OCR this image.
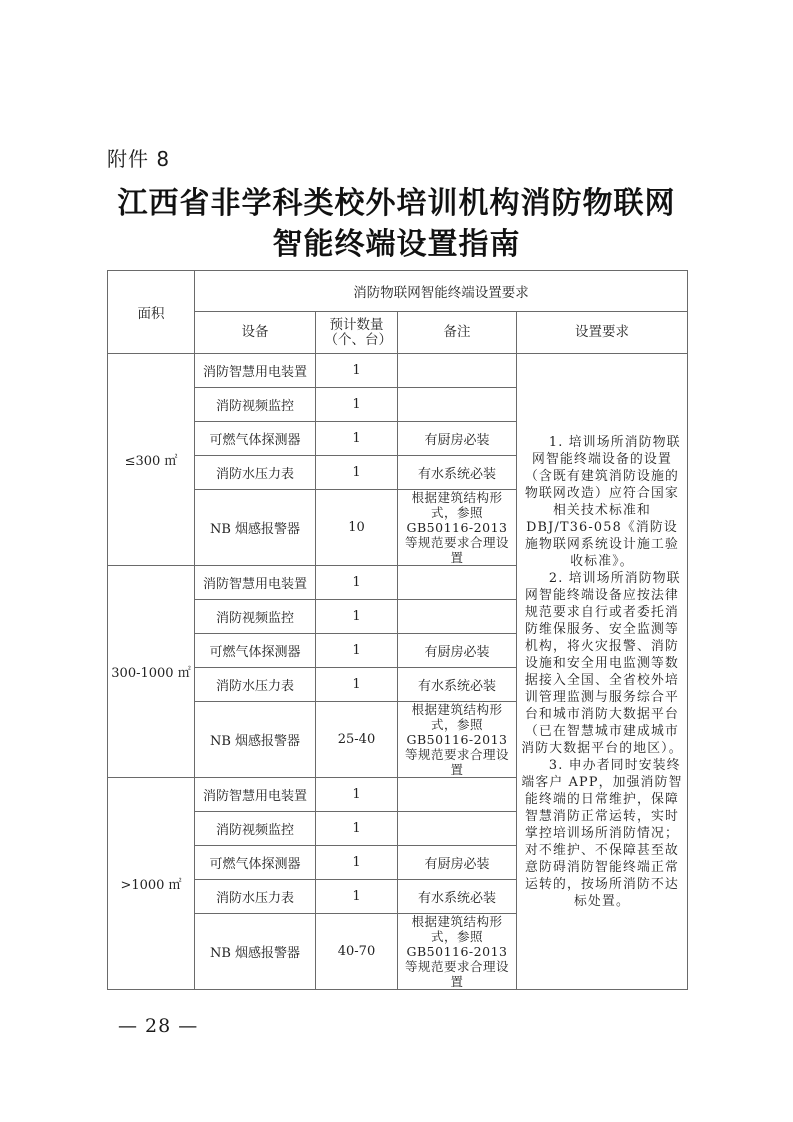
附件 8
江西省非学科类校外培训机构消防物联网
智能终端设置指南
面积	消防物联网智能终端设置要求			
	设备	预计数量（个、台）	备注	设置要求
≤300 ㎡	消防智慧用电装置	1		1. 培训场所消防物联网智能终端设备的设置（含既有建筑消防设施的物联网改造）应符合国家相关技术标准和 DBJ/T36-058《消防设施物联网系统设计施工验收标准》。

2. 培训场所消防物联网智能终端设备应按法律规范要求自行或者委托消防维保服务、安全监测等机构，将火灾报警、消防设施和安全用电监测等数据接入全国、全省校外培训管理监测与服务综合平台和城市消防大数据平台（已在智慧城市建成城市消防大数据平台的地区）。

3. 申办者同时安装终端客户 APP，加强消防智能终端的日常维护，保障智慧消防正常运转，实时掌控培训场所消防情况；对不维护、不保障甚至故意防碍消防智能终端正常运转的，按场所消防不达标处置。

	消防视频监控	1		
	可燃气体探测器	1	有厨房必装	
	消防水压力表	1	有水系统必装	
	NB 烟感报警器	10	根据建筑结构形式，参照 GB50116-2013 等规范要求合理设置	
300-1000 ㎡	消防智慧用电装置	1		
	消防视频监控	1		
	可燃气体探测器	1	有厨房必装	
	消防水压力表	1	有水系统必装	
	NB 烟感报警器	25-40	根据建筑结构形式，参照 GB50116-2013 等规范要求合理设置	
>1000 ㎡	消防智慧用电装置	1		
	消防视频监控	1		
	可燃气体探测器	1	有厨房必装	
	消防水压力表	1	有水系统必装	
	NB 烟感报警器	40-70	根据建筑结构形式，参照 GB50116-2013 等规范要求合理设置	
— 28 —
